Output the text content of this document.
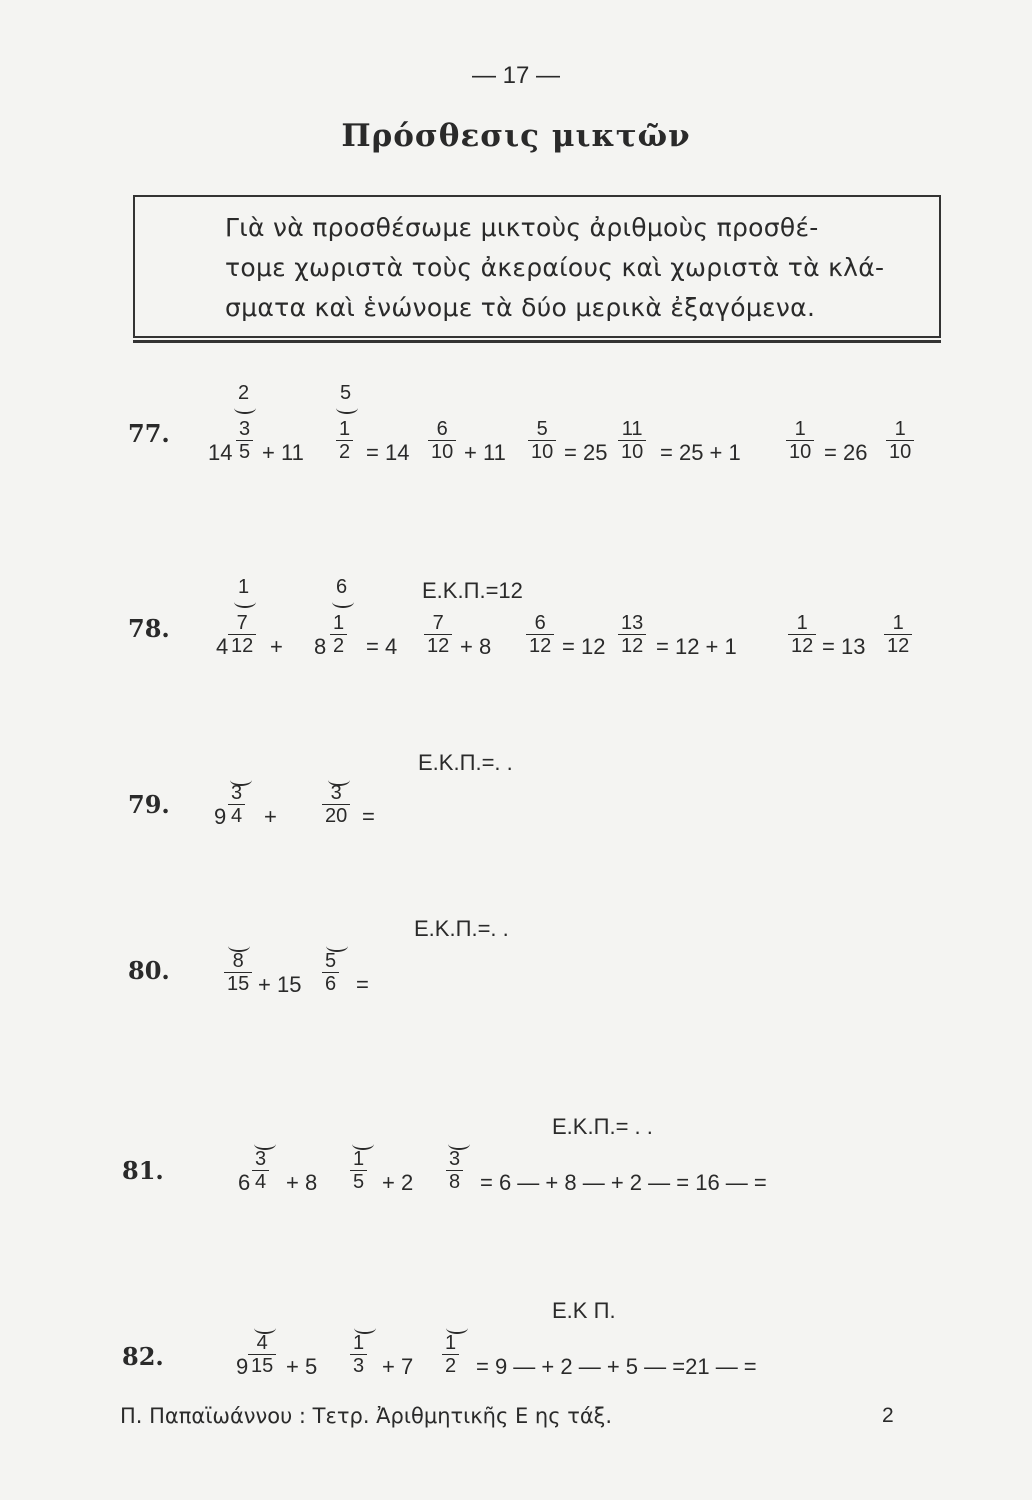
— 17 —
Πρόσθεσις μικτῶν
Γιὰ νὰ προσθέσωμε μικτοὺς ἀριθμοὺς προσθέ-
τομε χωριστὰ τοὺς ἀκεραίους καὶ χωριστὰ τὰ κλά-
σματα καὶ ἑνώνομε τὰ δύο μερικὰ ἐξαγόμενα.
77.
2	5
$14 \frac{3}{5} + 11 \frac{1}{2} = 14 \frac{6}{10} + 11 \frac{5}{10} = 25 \frac{11}{10} = 25 + 1 \frac{1}{10} = 26 \frac{1}{10}$
78.
1	6	Ε.Κ.Π.=12
$4 \frac{7}{12} + 8 \frac{1}{2} = 4 \frac{7}{12} + 8 \frac{6}{12} = 12 \frac{13}{12} = 12 + 1$	$\frac{1}{12} = 13 \frac{1}{12}$
79.
Ε.Κ.Π.=. .
$9 \frac{3}{4} + \frac{3}{20}$ =
80.
Ε.Κ.Π.=. .
$\frac{8}{15} + 15 \frac{5}{6}$ =
81.
Ε.Κ.Π.= . .
$6 \frac{3}{4} + 8 \frac{1}{5} + 2 \frac{3}{8} = 6$ — + 8 — + 2 — = 16 — =
82.
Ε.Κ Π.
$9 \frac{4}{15} + 5 \frac{1}{3} + 7 \frac{1}{2} = 9$ — + 2 — + 5 — =21 — =
Π. Παπαϊωάννου : Τετρ. Ἀριθμητικῆς Ε ης τάξ.	2
